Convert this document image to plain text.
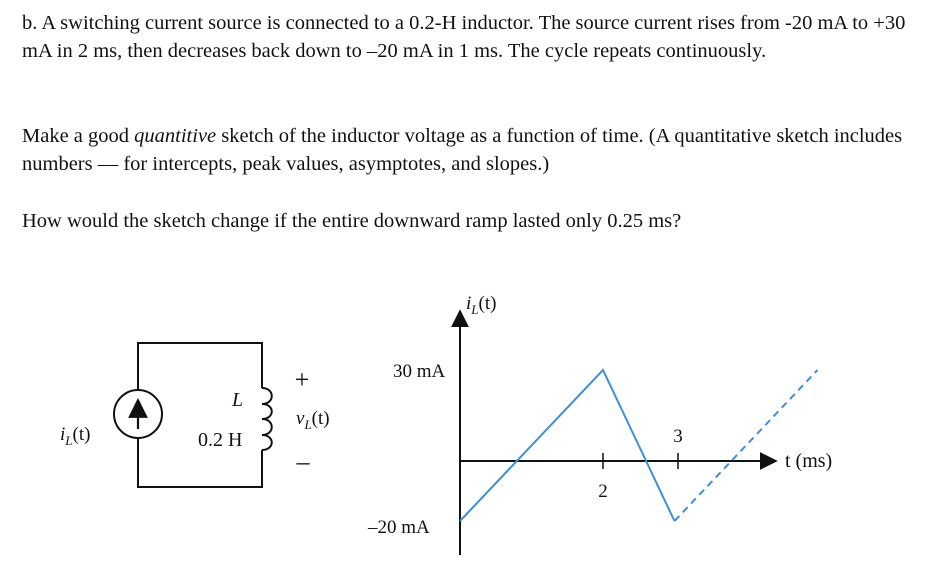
b. A switching current source is connected to a 0.2-H inductor. The source current rises from -20 mA to +30 mA in 2 ms, then decreases back down to –20 mA in 1 ms. The cycle repeats continuously.

Make a good quantitive sketch of the inductor voltage as a function of time. (A quantitative sketch includes numbers — for intercepts, peak values, asymptotes, and slopes.)

How would the sketch change if the entire downward ramp lasted only 0.25 ms?

$i_L(t)$
L
0.2 H
+
$v_L(t)$
–
$i_L(t)$
30 mA
–20 mA
t (ms)
2
3
